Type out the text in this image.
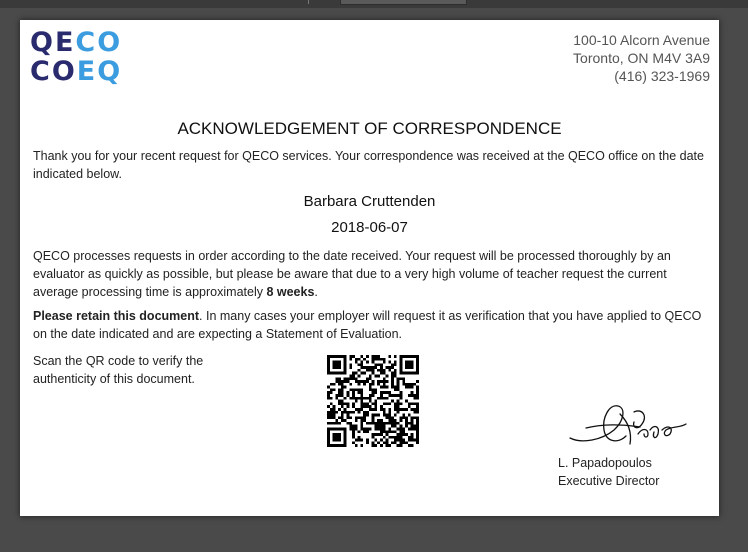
QECO
COEQ
100-10 Alcorn Avenue
Toronto, ON M4V 3A9
(416) 323-1969
ACKNOWLEDGEMENT OF CORRESPONDENCE
Thank you for your recent request for QECO services. Your correspondence was received at the QECO office on the date indicated below.
Barbara Cruttenden
2018-06-07
QECO processes requests in order according to the date received. Your request will be processed thoroughly by an evaluator as quickly as possible, but please be aware that due to a very high volume of teacher request the current average processing time is approximately 8 weeks.
Please retain this document. In many cases your employer will request it as verification that you have applied to QECO on the date indicated and are expecting a Statement of Evaluation.
Scan the QR code to verify the authenticity of this document.
L. Papadopoulos
Executive Director
